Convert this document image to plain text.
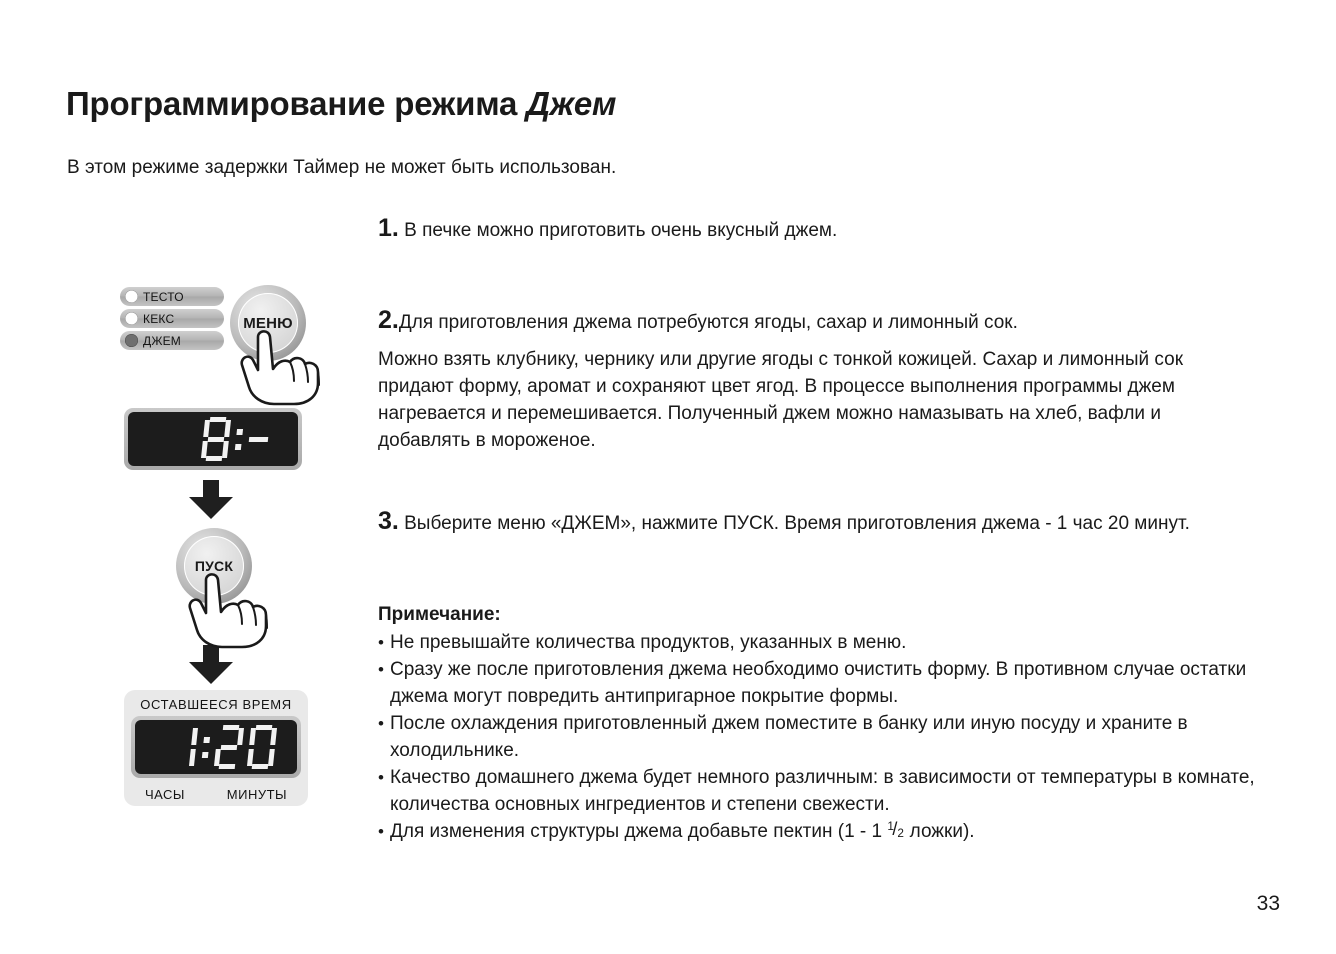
Программирование режима Джем

В этом режиме задержки Таймер не может быть использован.

ТЕСТО
КЕКС
ДЖЕМ
МЕНЮ
ПУСК
ОСТАВШЕЕСЯ ВРЕМЯ
ЧАСЫ	МИНУТЫ

1. В печке можно приготовить очень вкусный джем.

2.Для приготовления джема потребуются ягоды, сахар и лимонный сок.
Можно взять клубнику, чернику или другие ягоды с тонкой кожицей. Сахар и лимонный сок придают форму, аромат и сохраняют цвет ягод. В процессе выполнения программы джем нагревается и перемешивается. Полученный джем можно намазывать на хлеб, вафли и добавлять в мороженое.

3. Выберите меню «ДЖЕМ», нажмите ПУСК. Время приготовления джема - 1 час 20 минут.

Примечание:
• Не превышайте количества продуктов, указанных в меню.
• Сразу же после приготовления джема необходимо очистить форму. В противном случае остатки джема могут повредить антипригарное покрытие формы.
• После охлаждения приготовленный джем поместите в банку или иную посуду и храните в холодильнике.
• Качество домашнего джема будет немного различным: в зависимости от температуры в комнате, количества основных ингредиентов и степени свежести.
• Для изменения структуры джема добавьте пектин (1 - 1 1
/ 2 ложки).
33
